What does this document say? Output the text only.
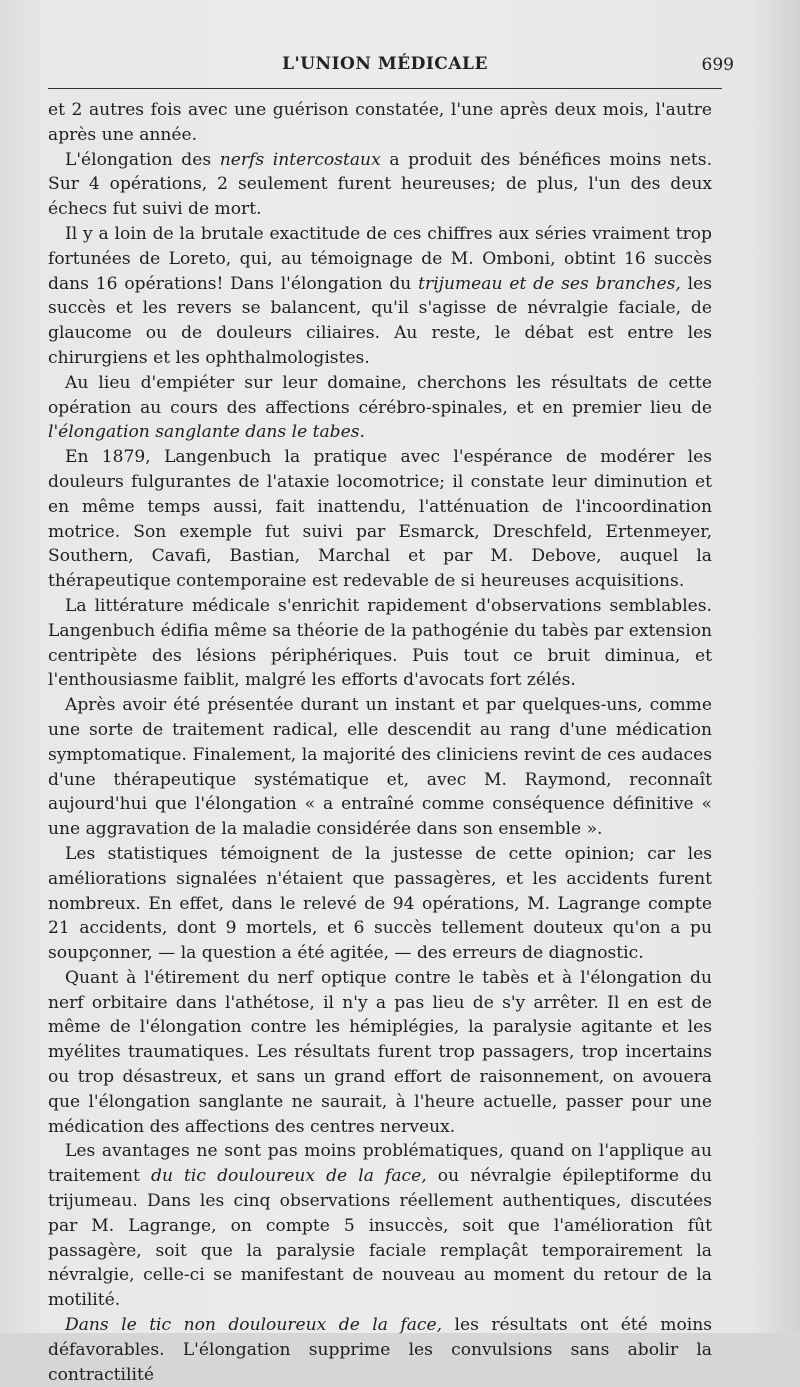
L'UNION MÉDICALE	699

et 2 autres fois avec une guérison constatée, l'une après deux mois, l'autre après une année.

L'élongation des nerfs intercostaux a produit des bénéfices moins nets. Sur 4 opérations, 2 seulement furent heureuses; de plus, l'un des deux échecs fut suivi de mort.

Il y a loin de la brutale exactitude de ces chiffres aux séries vraiment trop fortunées de Loreto, qui, au témoignage de M. Omboni, obtint 16 succès dans 16 opérations! Dans l'élongation du trijumeau et de ses branches, les succès et les revers se balancent, qu'il s'agisse de névralgie faciale, de glaucome ou de douleurs ciliaires. Au reste, le débat est entre les chirurgiens et les ophthalmologistes.

Au lieu d'empiéter sur leur domaine, cherchons les résultats de cette opération au cours des affections cérébro-spinales, et en premier lieu de l'élongation sanglante dans le tabes.

En 1879, Langenbuch la pratique avec l'espérance de modérer les douleurs fulgurantes de l'ataxie locomotrice; il constate leur diminution et en même temps aussi, fait inattendu, l'atténuation de l'incoordination motrice. Son exemple fut suivi par Esmarck, Dreschfeld, Ertenmeyer, Southern, Cavafi, Bastian, Marchal et par M. Debove, auquel la thérapeutique contemporaine est redevable de si heureuses acquisitions.

La littérature médicale s'enrichit rapidement d'observations semblables. Langenbuch édifia même sa théorie de la pathogénie du tabès par extension centripète des lésions périphériques. Puis tout ce bruit diminua, et l'enthousiasme faiblit, malgré les efforts d'avocats fort zélés.

Après avoir été présentée durant un instant et par quelques-uns, comme une sorte de traitement radical, elle descendit au rang d'une médication symptomatique. Finalement, la majorité des cliniciens revint de ces audaces d'une thérapeutique systématique et, avec M. Raymond, reconnaît aujourd'hui que l'élongation « a entraîné comme conséquence définitive « une aggravation de la maladie considérée dans son ensemble ».

Les statistiques témoignent de la justesse de cette opinion; car les améliorations signalées n'étaient que passagères, et les accidents furent nombreux. En effet, dans le relevé de 94 opérations, M. Lagrange compte 21 accidents, dont 9 mortels, et 6 succès tellement douteux qu'on a pu soupçonner, — la question a été agitée, — des erreurs de diagnostic.

Quant à l'étirement du nerf optique contre le tabès et à l'élongation du nerf orbitaire dans l'athétose, il n'y a pas lieu de s'y arrêter. Il en est de même de l'élongation contre les hémiplégies, la paralysie agitante et les myélites traumatiques. Les résultats furent trop passagers, trop incertains ou trop désastreux, et sans un grand effort de raisonnement, on avouera que l'élongation sanglante ne saurait, à l'heure actuelle, passer pour une médication des affections des centres nerveux.

Les avantages ne sont pas moins problématiques, quand on l'applique au traitement du tic douloureux de la face, ou névralgie épileptiforme du trijumeau. Dans les cinq observations réellement authentiques, discutées par M. Lagrange, on compte 5 insuccès, soit que l'amélioration fût passagère, soit que la paralysie faciale remplaçât temporairement la névralgie, celle-ci se manifestant de nouveau au moment du retour de la motilité.

Dans le tic non douloureux de la face, les résultats ont été moins défavorables. L'élongation supprime les convulsions sans abolir la contractilité
